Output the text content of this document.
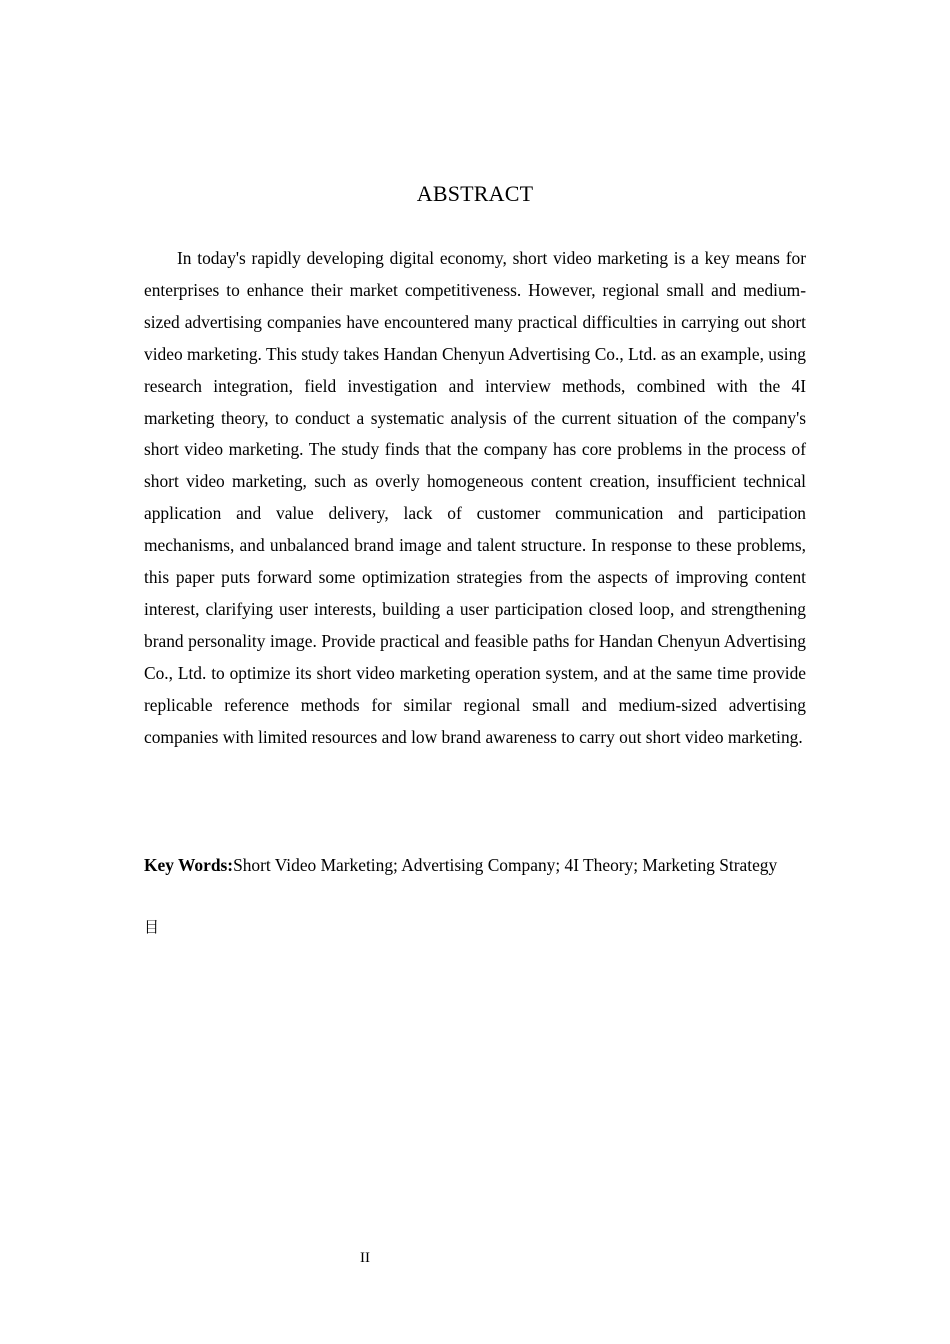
ABSTRACT

In today's rapidly developing digital economy, short video marketing is a key means for enterprises to enhance their market competitiveness. However, regional small and medium-sized advertising companies have encountered many practical difficulties in carrying out short video marketing. This study takes Handan Chenyun Advertising Co., Ltd. as an example, using research integration, field investigation and interview methods, combined with the 4I marketing theory, to conduct a systematic analysis of the current situation of the company's short video marketing. The study finds that the company has core problems in the process of short video marketing, such as overly homogeneous content creation, insufficient technical application and value delivery, lack of customer communication and participation mechanisms, and unbalanced brand image and talent structure. In response to these problems, this paper puts forward some optimization strategies from the aspects of improving content interest, clarifying user interests, building a user participation closed loop, and strengthening brand personality image. Provide practical and feasible paths for Handan Chenyun Advertising Co., Ltd. to optimize its short video marketing operation system, and at the same time provide replicable reference methods for similar regional small and medium-sized advertising companies with limited resources and low brand awareness to carry out short video marketing.

Key Words:Short Video Marketing; Advertising Company; 4I Theory; Marketing Strategy

目
II
